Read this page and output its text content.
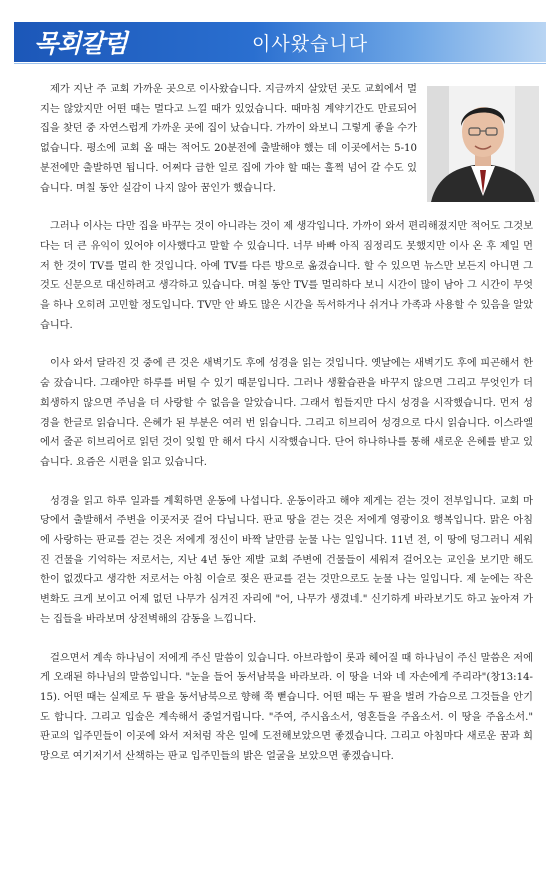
목회칼럼	이사왔습니다

제가 지난 주 교회 가까운 곳으로 이사왔습니다. 지금까지 살았던 곳도 교회에서 멀지는 않았지만 어떤 때는 멀다고 느낄 때가 있었습니다. 때마침 계약기간도 만료되어 집을 찾던 중 자연스럽게 가까운 곳에 집이 났습니다. 가까이 와보니 그렇게 좋을 수가 없습니다. 평소에 교회 올 때는 적어도 20분전에 출발해야 했는 데 이곳에서는 5-10분전에만 출발하면 됩니다. 어쩌다 급한 일로 집에 가야 할 때는 훌쩍 넘어 갈 수도 있습니다. 며칠 동안 실감이 나지 않아 꿈인가 했습니다.

그러나 이사는 다만 집을 바꾸는 것이 아니라는 것이 제 생각입니다. 가까이 와서 편리해졌지만 적어도 그것보다는 더 큰 유익이 있어야 이사했다고 말할 수 있습니다. 너무 바빠 아직 짐정리도 못했지만 이사 온 후 제일 먼저 한 것이 TV를 멀리 한 것입니다. 아예 TV를 다른 방으로 옮겼습니다. 할 수 있으면 뉴스만 보든지 아니면 그것도 신문으로 대신하려고 생각하고 있습니다. 며칠 동안 TV를 멀리하다 보니 시간이 많이 남아 그 시간이 무엇을 하나 오히려 고민할 정도입니다. TV만 안 봐도 많은 시간을 독서하거나 쉬거나 가족과 사용할 수 있음을 알았습니다.

이사 와서 달라진 것 중에 큰 것은 새벽기도 후에 성경을 읽는 것입니다. 옛날에는 새벽기도 후에 피곤해서 한 숨 잤습니다. 그래야만 하루를 버틸 수 있기 때문입니다. 그러나 생활습관을 바꾸지 않으면 그리고 무엇인가 더 희생하지 않으면 주님을 더 사랑할 수 없음을 알았습니다. 그래서 힘들지만 다시 성경을 시작했습니다. 먼저 성경을 한글로 읽습니다. 은혜가 된 부분은 여러 번 읽습니다. 그리고 히브리어 성경으로 다시 읽습니다. 이스라엘에서 줄곧 히브리어로 읽던 것이 잊힐 만 해서 다시 시작했습니다. 단어 하나하나를 통해 새로운 은혜를 받고 있습니다. 요즘은 시편을 읽고 있습니다.

성경을 읽고 하루 일과를 계획하면 운동에 나섭니다. 운동이라고 해야 제게는 걷는 것이 전부입니다. 교회 마당에서 출발해서 주변을 이곳저곳 걸어 다닙니다. 판교 땅을 걷는 것은 저에게 영광이요 행복입니다. 맑은 아침에 사랑하는 판교를 걷는 것은 저에게 정신이 바짝 날만큼 눈물 나는 일입니다. 11년 전, 이 땅에 덩그러니 세워진 건물을 기억하는 저로서는, 지난 4년 동안 제발 교회 주변에 건물들이 세워져 걸어오는 교인을 보기만 해도 한이 없겠다고 생각한 저로서는 아침 이슬로 젖은 판교를 걷는 것만으로도 눈물 나는 일입니다. 제 눈에는 작은 변화도 크게 보이고 어제 없던 나무가 심겨진 자리에 "어, 나무가 생겼네." 신기하게 바라보기도 하고 높아져 가는 집들을 바라보며 상전벽해의 감동을 느낍니다.

걸으면서 계속 하나님이 저에게 주신 말씀이 있습니다. 아브라함이 롯과 헤어질 때 하나님이 주신 말씀은 저에게 오래된 하나님의 말씀입니다. "눈을 들어 동서남북을 바라보라. 이 땅을 너와 네 자손에게 주리라"(창13:14-15). 어떤 때는 실제로 두 팔을 동서남북으로 향해 쭉 뻗습니다. 어떤 때는 두 팔을 벌려 가슴으로 그것들을 안기도 합니다. 그리고 입술은 계속해서 중얼거립니다. "주여, 주시옵소서, 영혼들을 주옵소서. 이 땅을 주옵소서." 판교의 입주민들이 이곳에 와서 저처럼 작은 일에 도전해보았으면 좋겠습니다. 그리고 아침마다 새로운 꿈과 희망으로 여기저기서 산책하는 판교 입주민들의 밝은 얼굴을 보았으면 좋겠습니다.
